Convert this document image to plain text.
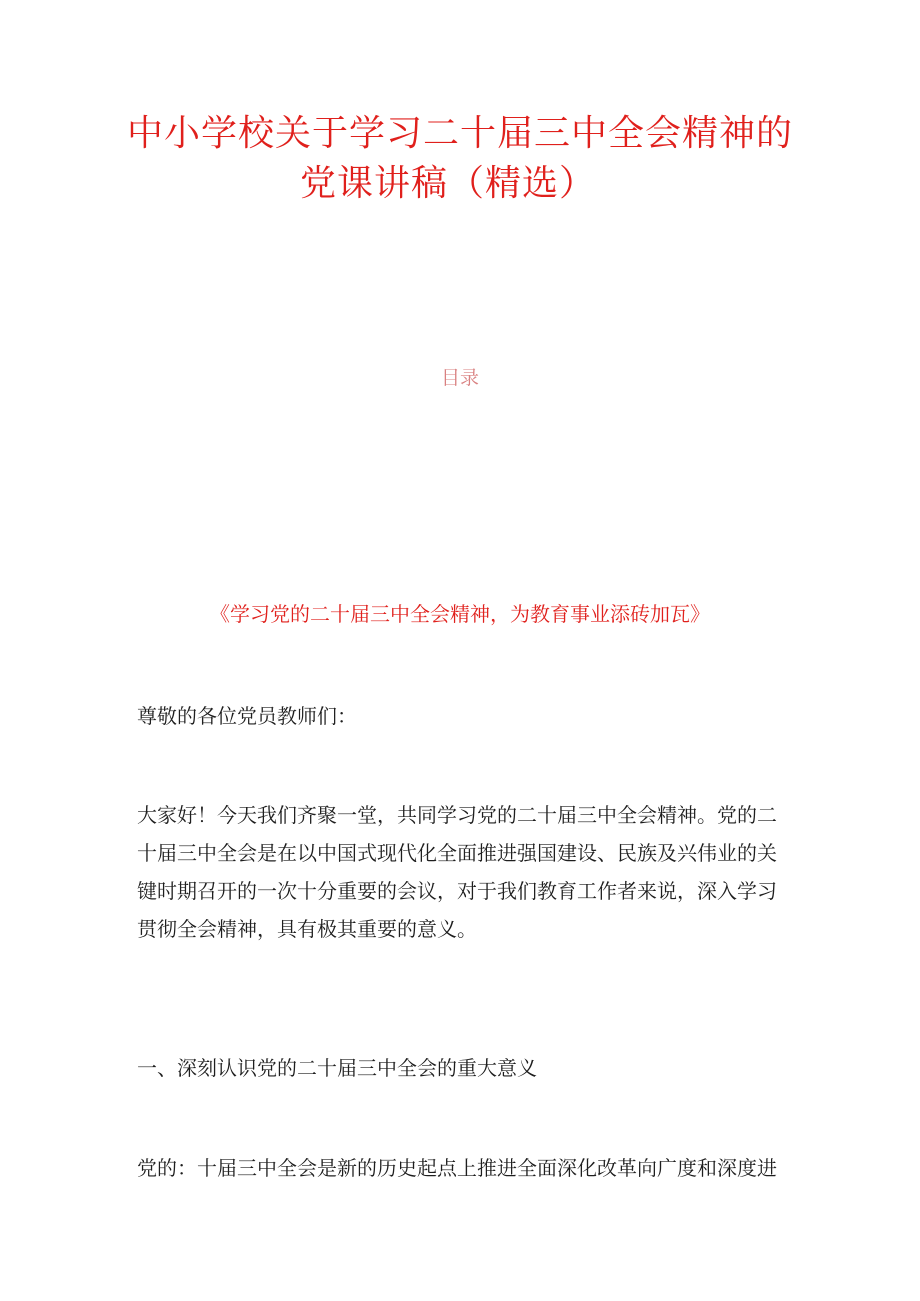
中小学校关于学习二十届三中全会精神的
党课讲稿（精选）
目录
《学习党的二十届三中全会精神，为教育事业添砖加瓦》
尊敬的各位党员教师们：

大家好！今天我们齐聚一堂，共同学习党的二十届三中全会精神。党的二

十届三中全会是在以中国式现代化全面推进强国建设、民族及兴伟业的关

键时期召开的一次十分重要的会议，对于我们教育工作者来说，深入学习

贯彻全会精神，具有极其重要的意义。

一、深刻认识党的二十届三中全会的重大意义
党的：十届三中全会是新的历史起点上推进全面深化改革向广度和深度进
